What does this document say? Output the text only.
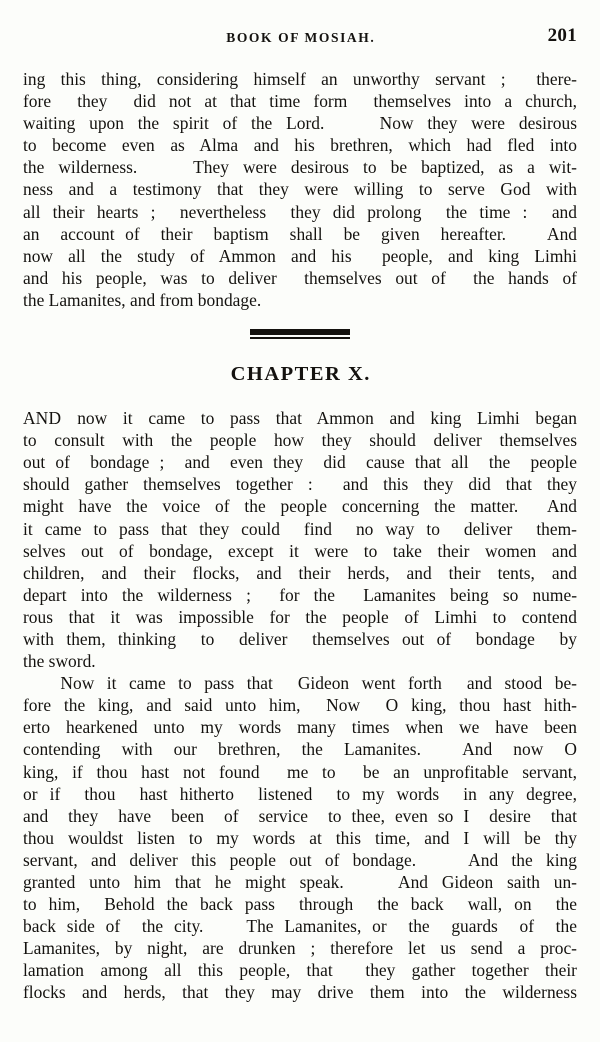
BOOK OF MOSIAH.	201

ing this thing, considering himself an unworthy servant ;  there-
fore  they  did not at that time form  themselves into a church,
waiting upon the spirit of the Lord.    Now they were desirous
to become even as Alma and his brethren, which had fled into
the wilderness.    They were desirous to be baptized, as a wit-
ness and a testimony that they were willing to serve God with
all their hearts ;  nevertheless  they did prolong  the time :  and
an  account of  their  baptism  shall  be  given  hereafter.    And
now all the study of Ammon and his  people, and king Limhi
and his people, was to deliver  themselves out of  the hands of
the Lamanites, and from bondage.

CHAPTER X.

AND now it came to pass that Ammon and king Limhi began
to consult with the people how they should deliver themselves
out of  bondage ;  and  even they  did  cause that all  the  people
should gather themselves together :  and this they did that they
might have the voice of the people concerning the matter.  And
it came to pass that they could  find  no way to  deliver  them-
selves out of bondage, except it were to take their women and
children, and their flocks, and their herds, and their tents, and
depart into the wilderness ;  for the  Lamanites being so nume-
rous that it was impossible for the people of Limhi to contend
with them, thinking  to  deliver  themselves out of  bondage  by
the sword.

Now it came to pass that  Gideon went forth  and stood be-
fore the king, and said unto him,  Now  O king, thou hast hith-
erto hearkened unto my words many times when we have been
contending  with  our  brethren,  the  Lamanites.    And  now  O
king, if thou hast not found  me to  be an unprofitable servant,
or if  thou  hast hitherto  listened  to my words  in any degree,
and  they  have  been  of  service  to thee, even so I  desire  that
thou wouldst listen to my words at this time, and I will be thy
servant, and deliver this people out of bondage.    And the king
granted unto him that he might speak.    And Gideon saith un-
to him,  Behold the back pass  through  the back  wall, on  the
back side of  the city.    The Lamanites, or  the  guards  of  the
Lamanites, by night, are drunken ; therefore let us send a proc-
lamation among all this people, that  they gather together their
flocks and herds, that they may drive them into the wilderness
